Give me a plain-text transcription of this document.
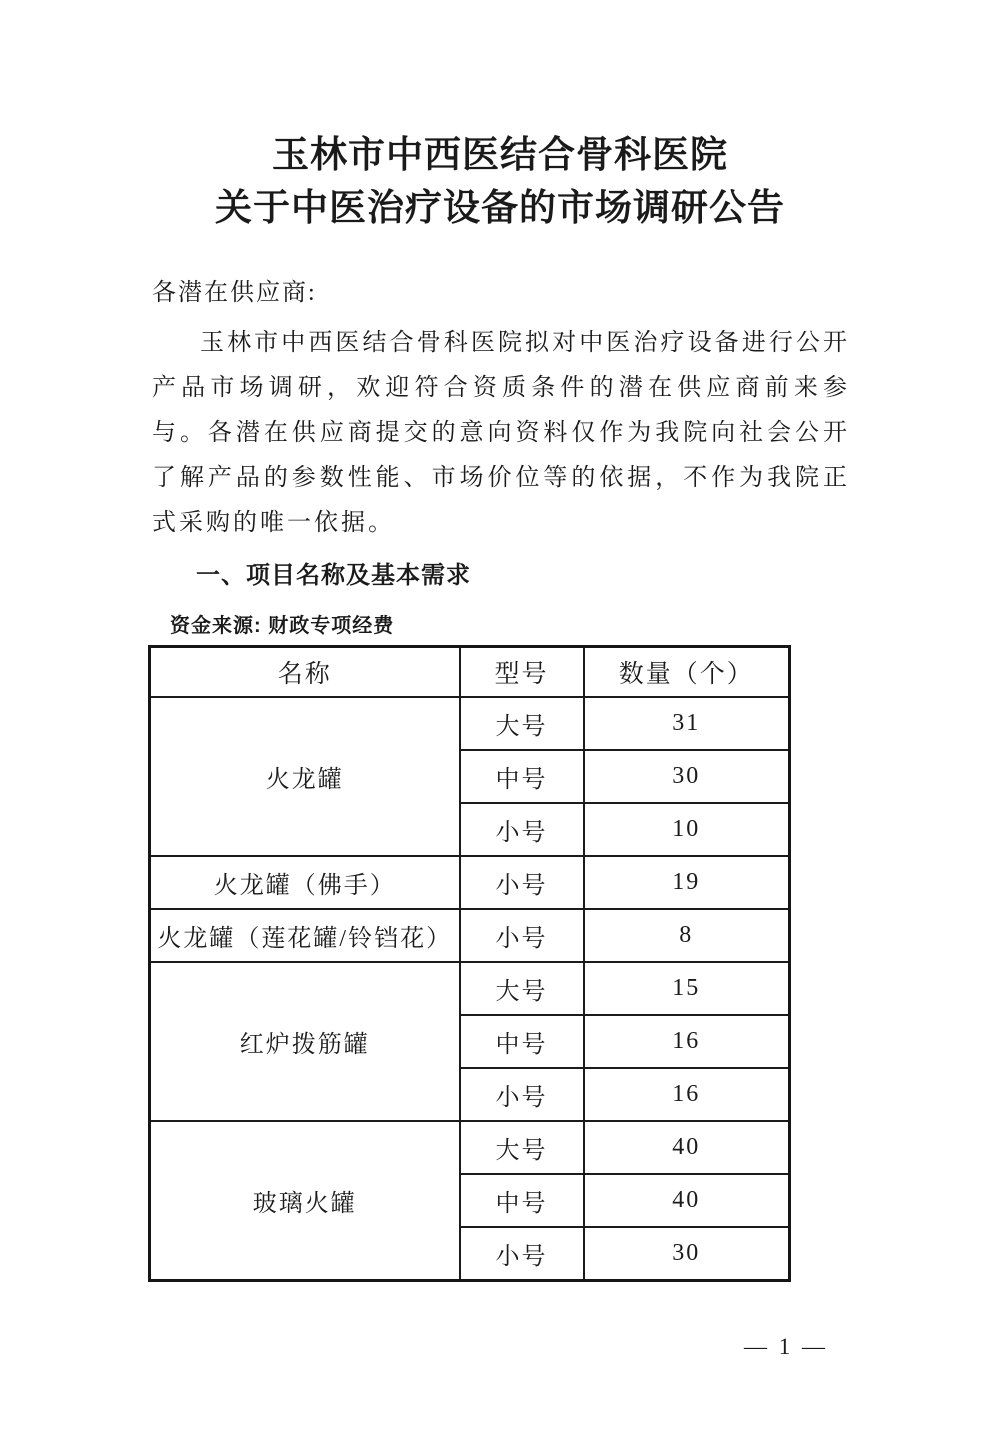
玉林市中西医结合骨科医院
关于中医治疗设备的市场调研公告
各潜在供应商:
玉林市中西医结合骨科医院拟对中医治疗设备进行公开产品市场调研，欢迎符合资质条件的潜在供应商前来参与。各潜在供应商提交的意向资料仅作为我院向社会公开了解产品的参数性能、市场价位等的依据，不作为我院正式采购的唯一依据。
一、项目名称及基本需求
资金来源: 财政专项经费
名称	型号	数量（个）
火龙罐	大号	31
	中号	30
	小号	10
火龙罐（佛手）	小号	19
火龙罐（莲花罐/铃铛花）	小号	8
红炉拨筋罐	大号	15
	中号	16
	小号	16
玻璃火罐	大号	40
	中号	40
	小号	30
— 1 —
